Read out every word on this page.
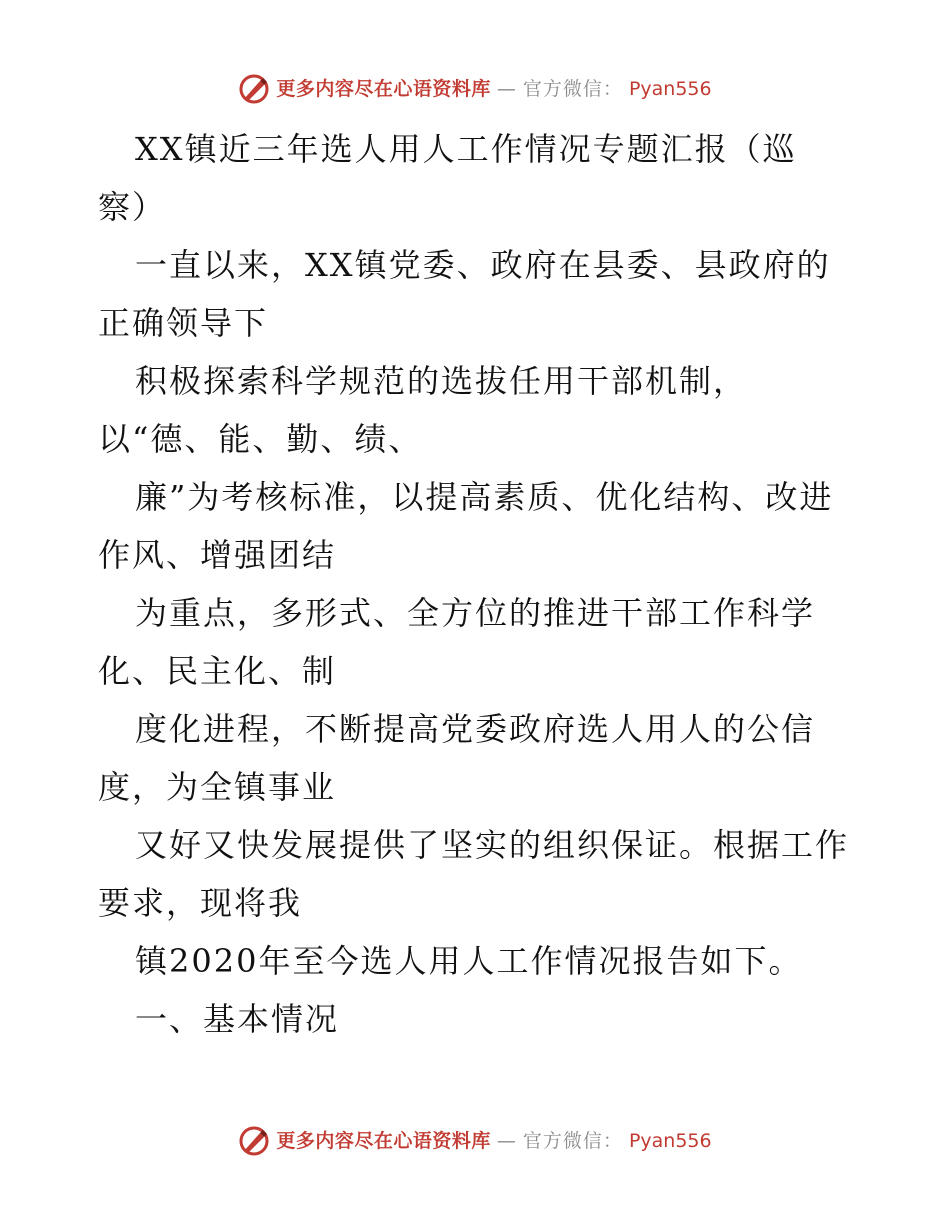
更多内容尽在心语资料库 — 官方微信： Pyan556
XX镇近三年选人用人工作情况专题汇报（巡
察）
一直以来，XX镇党委、政府在县委、县政府的
正确领导下
积极探索科学规范的选拔任用干部机制，
以“德、能、勤、绩、
廉”为考核标准，以提高素质、优化结构、改进
作风、增强团结
为重点，多形式、全方位的推进干部工作科学
化、民主化、制
度化进程，不断提高党委政府选人用人的公信
度，为全镇事业
又好又快发展提供了坚实的组织保证。根据工作
要求，现将我
镇2020年至今选人用人工作情况报告如下。
一、基本情况
更多内容尽在心语资料库 — 官方微信： Pyan556
